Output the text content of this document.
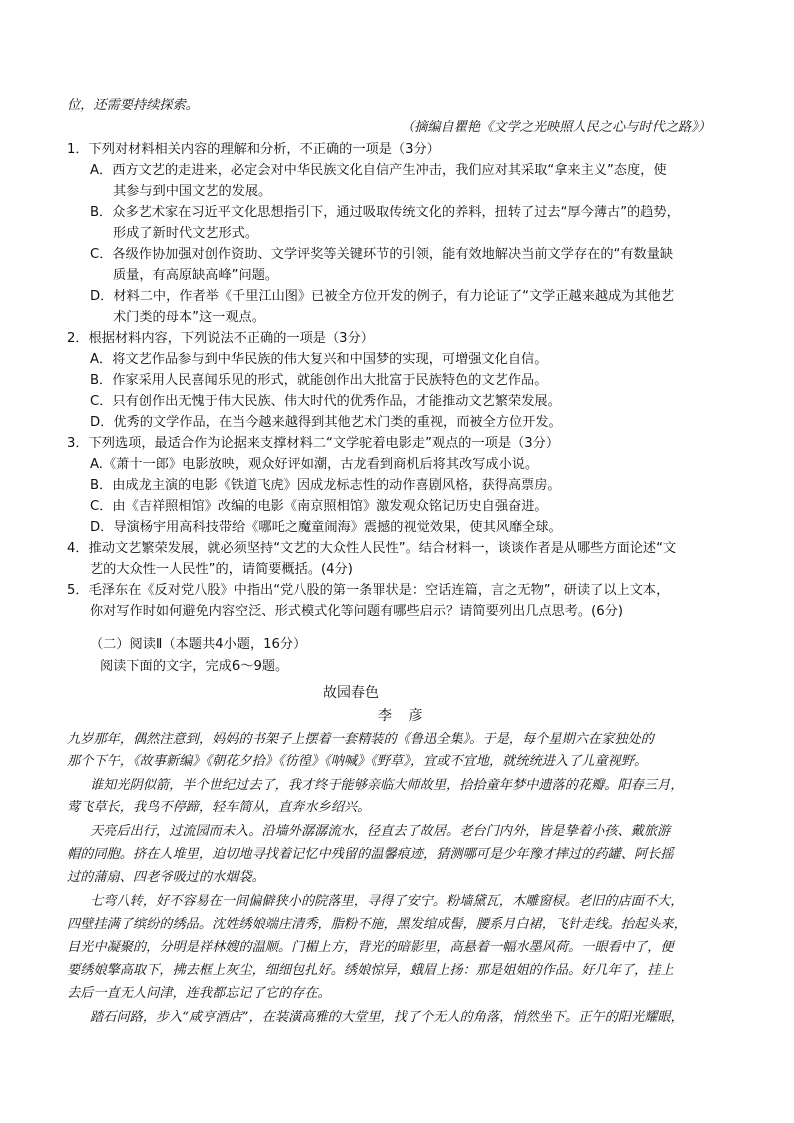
位，还需要持续探索。
（摘编自瞿艳《文学之光映照人民之心与时代之路》）
1．下列对材料相关内容的理解和分析，不正确的一项是（3分）
A．西方文艺的走进来，必定会对中华民族文化自信产生冲击，我们应对其采取“拿来主义”态度，使
其参与到中国文艺的发展。
B．众多艺术家在习近平文化思想指引下，通过吸取传统文化的养料，扭转了过去“厚今薄古”的趋势，
形成了新时代文艺形式。
C．各级作协加强对创作资助、文学评奖等关键环节的引领，能有效地解决当前文学存在的“有数量缺
质量，有高原缺高峰”问题。
D．材料二中，作者举《千里江山图》已被全方位开发的例子，有力论证了“文学正越来越成为其他艺
术门类的母本”这一观点。
2．根据材料内容，下列说法不正确的一项是（3分）
A．将文艺作品参与到中华民族的伟大复兴和中国梦的实现，可增强文化自信。
B．作家采用人民喜闻乐见的形式，就能创作出大批富于民族特色的文艺作品。
C．只有创作出无愧于伟大民族、伟大时代的优秀作品，才能推动文艺繁荣发展。
D．优秀的文学作品，在当今越来越得到其他艺术门类的重视，而被全方位开发。
3．下列选项，最适合作为论据来支撑材料二“文学驼着电影走”观点的一项是（3分）
A.《萧十一郎》电影放映，观众好评如潮，古龙看到商机后将其改写成小说。
B．由成龙主演的电影《铁道飞虎》因成龙标志性的动作喜剧风格，获得高票房。
C．由《吉祥照相馆》改编的电影《南京照相馆》激发观众铭记历史自强奋进。
D．导演杨宇用高科技带给《哪吒之魔童闹海》震撼的视觉效果，使其风靡全球。
4．推动文艺繁荣发展，就必须坚持“文艺的大众性人民性”。结合材料一，谈谈作者是从哪些方面论述“文
艺的大众性一人民性”的，请简要概括。(4分)
5．毛泽东在《反对党八股》中指出“党八股的第一条罪状是：空话连篇，言之无物”，研读了以上文本，
你对写作时如何避免内容空泛、形式模式化等问题有哪些启示？请简要列出几点思考。(6分)
（二）阅读Ⅱ（本题共4小题，16分）
阅读下面的文字，完成6～9题。
故园春色
李 彦
九岁那年，偶然注意到，妈妈的书架子上摆着一套精装的《鲁迅全集》。于是，每个星期六在家独处的
那个下午，《故事新编》《朝花夕拾》《彷徨》《呐喊》《野草》，宜或不宜地，就统统进入了儿童视野。
谁知光阴似箭，半个世纪过去了，我才终于能够亲临大师故里，拾拾童年梦中遗落的花瓣。阳春三月，
莺飞草长，我鸟不停蹄，轻车简从，直奔水乡绍兴。
天亮后出行，过流园而未入。沿墙外潺潺流水，径直去了故居。老台门内外，皆是挚着小孩、戴旅游
帽的同胞。挤在人堆里，迫切地寻找着记忆中残留的温馨痕迹，猜测哪可是少年豫才摔过的药罐、阿长摇
过的蒲扇、四老爷吸过的水烟袋。
七弯八转，好不容易在一间偏僻狭小的院落里，寻得了安宁。粉墙黛瓦，木雕窗棂。老旧的店面不大，
四壁挂满了缤纷的绣品。沈姓绣娘端庄清秀，脂粉不施，黑发绾成髻，腰系月白裙，飞针走线。抬起头来，
目光中凝聚的，分明是祥林嫂的温顺。门楣上方，背光的暗影里，高悬着一幅水墨风荷。一眼看中了，便
要绣娘擎高取下，拂去框上灰尘，细细包扎好。绣娘惊异，蛾眉上扬：那是姐姐的作品。好几年了，挂上
去后一直无人问津，连我都忘记了它的存在。
踏石问路，步入“咸亨酒店”，在装潢高雅的大堂里，找了个无人的角落，悄然坐下。正午的阳光耀眼，
